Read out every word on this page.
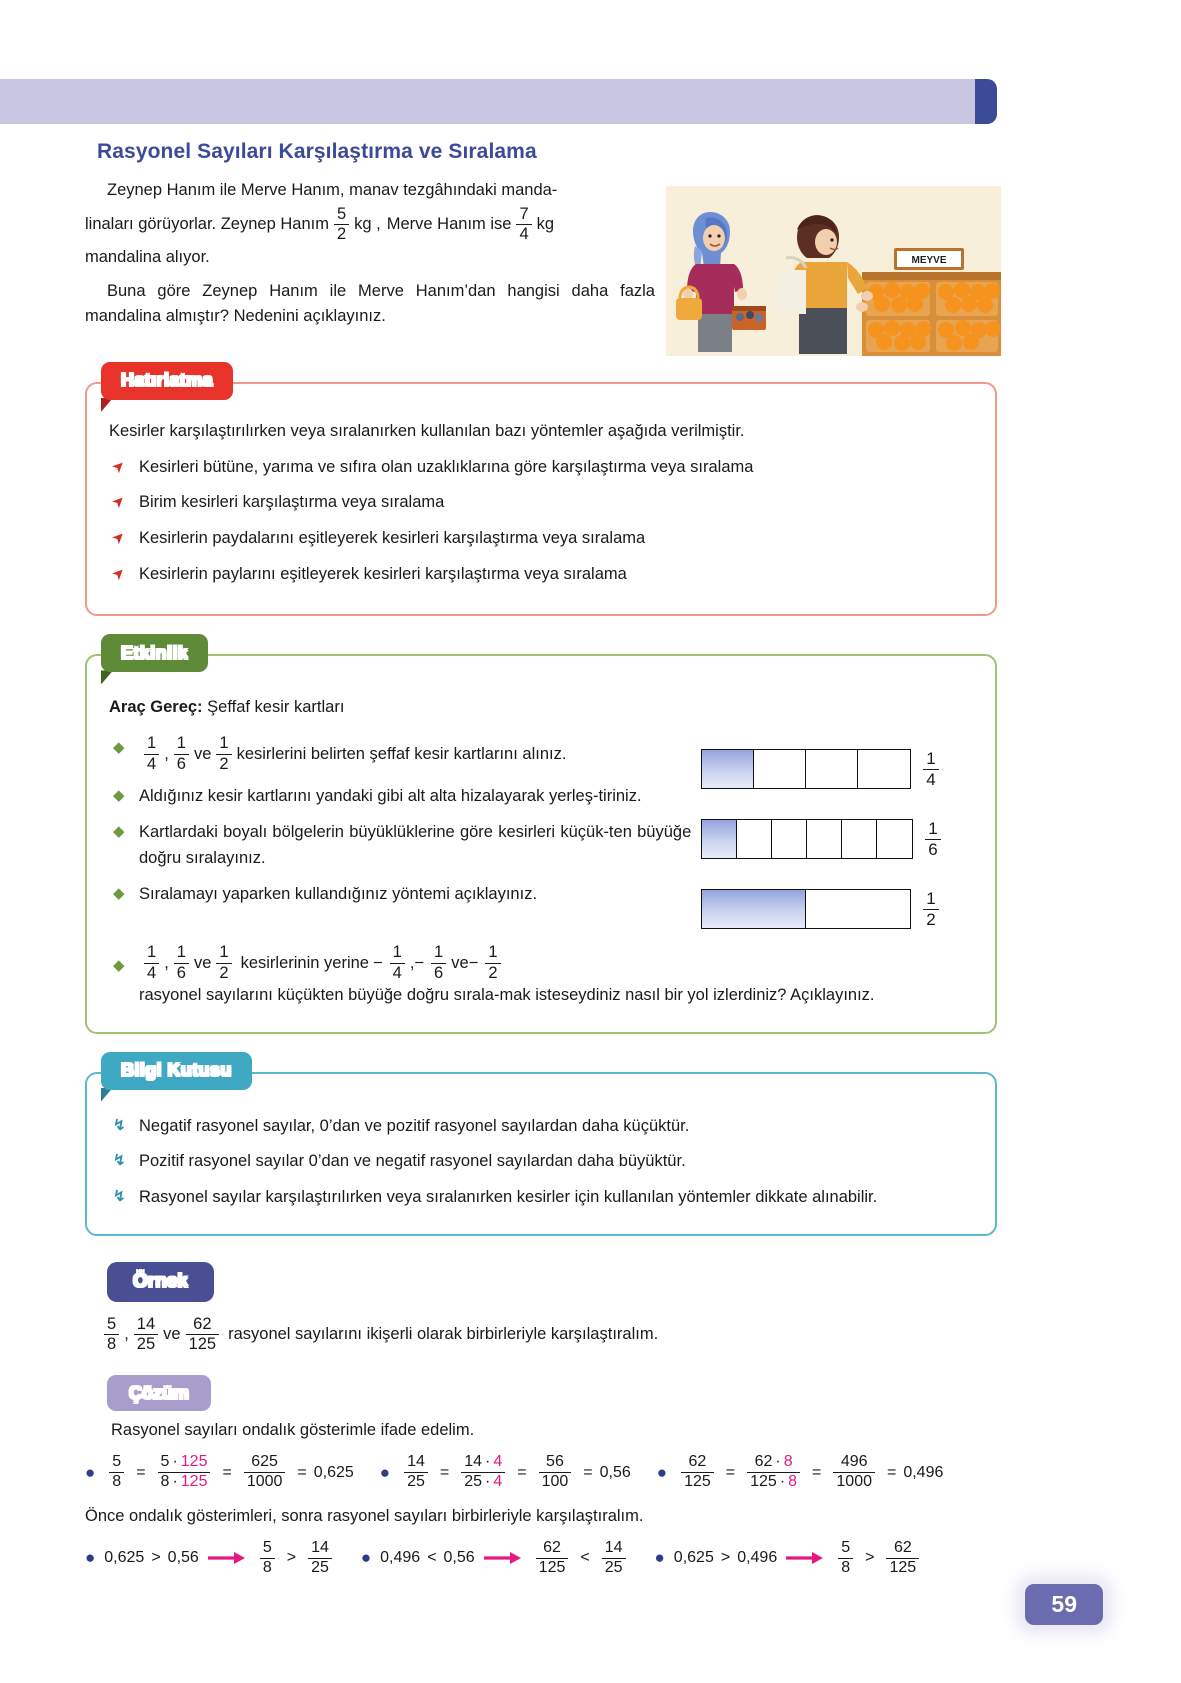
Rasyonel Sayıları Karşılaştırma ve Sıralama
MEYVE

Zeynep Hanım ile Merve Hanım, manav tezgâhındaki manda-

linaları görüyorlar. Zeynep Hanım $\frac{5}{2}$ kg , Merve Hanım ise $\frac{7}{4}$ kg

mandalina alıyor.

Buna göre Zeynep Hanım ile Merve Hanım’dan hangisi daha fazla mandalina almıştır? Nedenini açıklayınız.

Hatırlatma
Kesirler karşılaştırılırken veya sıralanırken kullanılan bazı yöntemler aşağıda verilmiştir.
➤ Kesirleri bütüne, yarıma ve sıfıra olan uzaklıklarına göre karşılaştırma veya sıralama
➤ Birim kesirleri karşılaştırma veya sıralama
➤ Kesirlerin paydalarını eşitleyerek kesirleri karşılaştırma veya sıralama
➤ Kesirlerin paylarını eşitleyerek kesirleri karşılaştırma veya sıralama
Etkinlik
Araç Gereç: Şeffaf kesir kartları
◆ $\frac{1}{4}$ , $\frac{1}{6}$ ve $\frac{1}{2}$ kesirlerini belirten şeffaf kesir kartlarını alınız.
◆ Aldığınız kesir kartlarını yandaki gibi alt alta hizalayarak yerleş-tiriniz.
◆ Kartlardaki boyalı bölgelerin büyüklüklerine göre kesirleri küçük-ten büyüğe doğru sıralayınız.
◆ Sıralamayı yaparken kullandığınız yöntemi açıklayınız.
$\frac{1}{4}$
$\frac{1}{6}$
$\frac{1}{2}$
◆ $\frac{1}{4}$ , $\frac{1}{6}$ ve $\frac{1}{2}$ kesirlerinin yerine − $\frac{1}{4}$ , − $\frac{1}{6}$ ve − $\frac{1}{2}$
rasyonel sayılarını küçükten büyüğe doğru sırala-mak isteseydiniz nasıl bir yol izlerdiniz? Açıklayınız.
Bilgi Kutusu
↯ Negatif rasyonel sayılar, 0’dan ve pozitif rasyonel sayılardan daha küçüktür.
↯ Pozitif rasyonel sayılar 0’dan ve negatif rasyonel sayılardan daha büyüktür.
↯ Rasyonel sayılar karşılaştırılırken veya sıralanırken kesirler için kullanılan yöntemler dikkate alınabilir.
Örnek
$\frac{5}{8}$ , $\frac{14}{25}$ ve $\frac{62}{125}$ rasyonel sayılarını ikişerli olarak birbirleriyle karşılaştıralım.
Çözüm
Rasyonel sayıları ondalık gösterimle ifade edelim.
● $\frac{5}{8} = \frac{5 \cdot 125}{8 \cdot 125} = \frac{625}{1000} = 0,625$ ● $\frac{14}{25} = \frac{14 \cdot 4}{25 \cdot 4} = \frac{56}{100} = 0,56$ ● $\frac{62}{125} = \frac{62 \cdot 8}{125 \cdot 8} = \frac{496}{1000} = 0,496$
Önce ondalık gösterimleri, sonra rasyonel sayıları birbirleriyle karşılaştıralım.
● 0,625 > 0,56	$\frac{5}{8} > \frac{14}{25}$ ● 0,496 < 0,56	$\frac{62}{125} < \frac{14}{25}$ ● 0,625 > 0,496	$\frac{5}{8} > \frac{62}{125}$
59
